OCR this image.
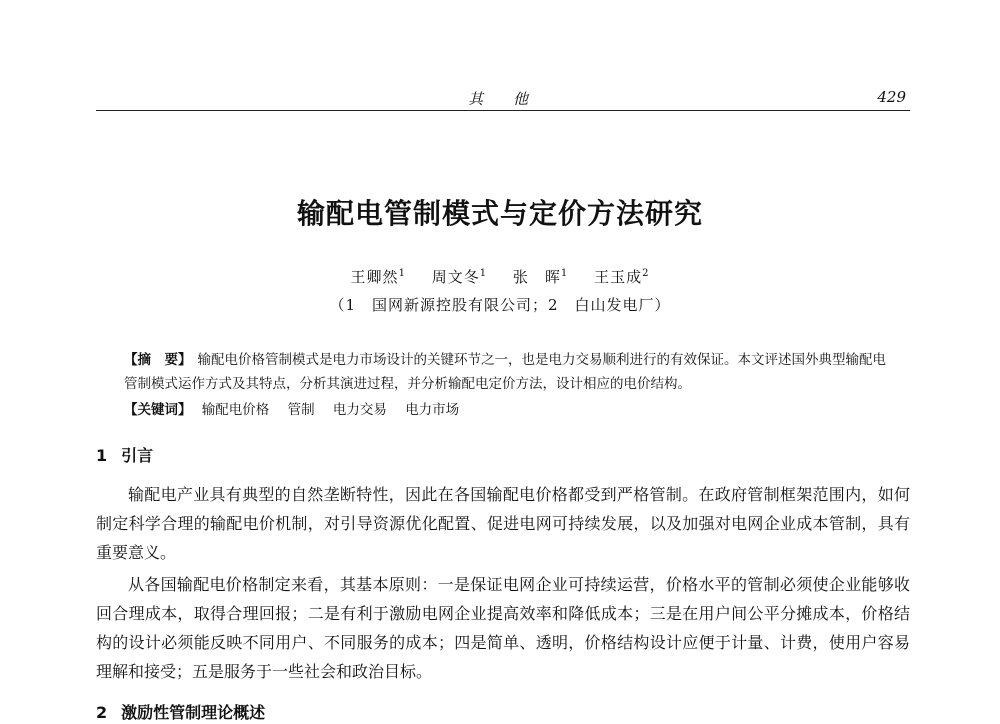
其他	429
输配电管制模式与定价方法研究
王卿然$^1$ 周文冬$^1$ 张　晖$^1$ 王玉成$^2$
（1　国网新源控股有限公司；2　白山发电厂）
【摘　要】 输配电价格管制模式是电力市场设计的关键环节之一，也是电力交易顺利进行的有效保证。本文评述国外典型输配电管制模式运作方式及其特点，分析其演进过程，并分析输配电定价方法，设计相应的电价结构。
【关键词】 输配电价格 管制 电力交易 电力市场
1 引言

输配电产业具有典型的自然垄断特性，因此在各国输配电价格都受到严格管制。在政府管制框架范围内，如何制定科学合理的输配电价机制，对引导资源优化配置、促进电网可持续发展，以及加强对电网企业成本管制，具有重要意义。

从各国输配电价格制定来看，其基本原则：一是保证电网企业可持续运营，价格水平的管制必须使企业能够收回合理成本，取得合理回报；二是有利于激励电网企业提高效率和降低成本；三是在用户间公平分摊成本，价格结构的设计必须能反映不同用户、不同服务的成本；四是简单、透明，价格结构设计应便于计量、计费，使用户容易理解和接受；五是服务于一些社会和政治目标。

2 激励性管制理论概述
